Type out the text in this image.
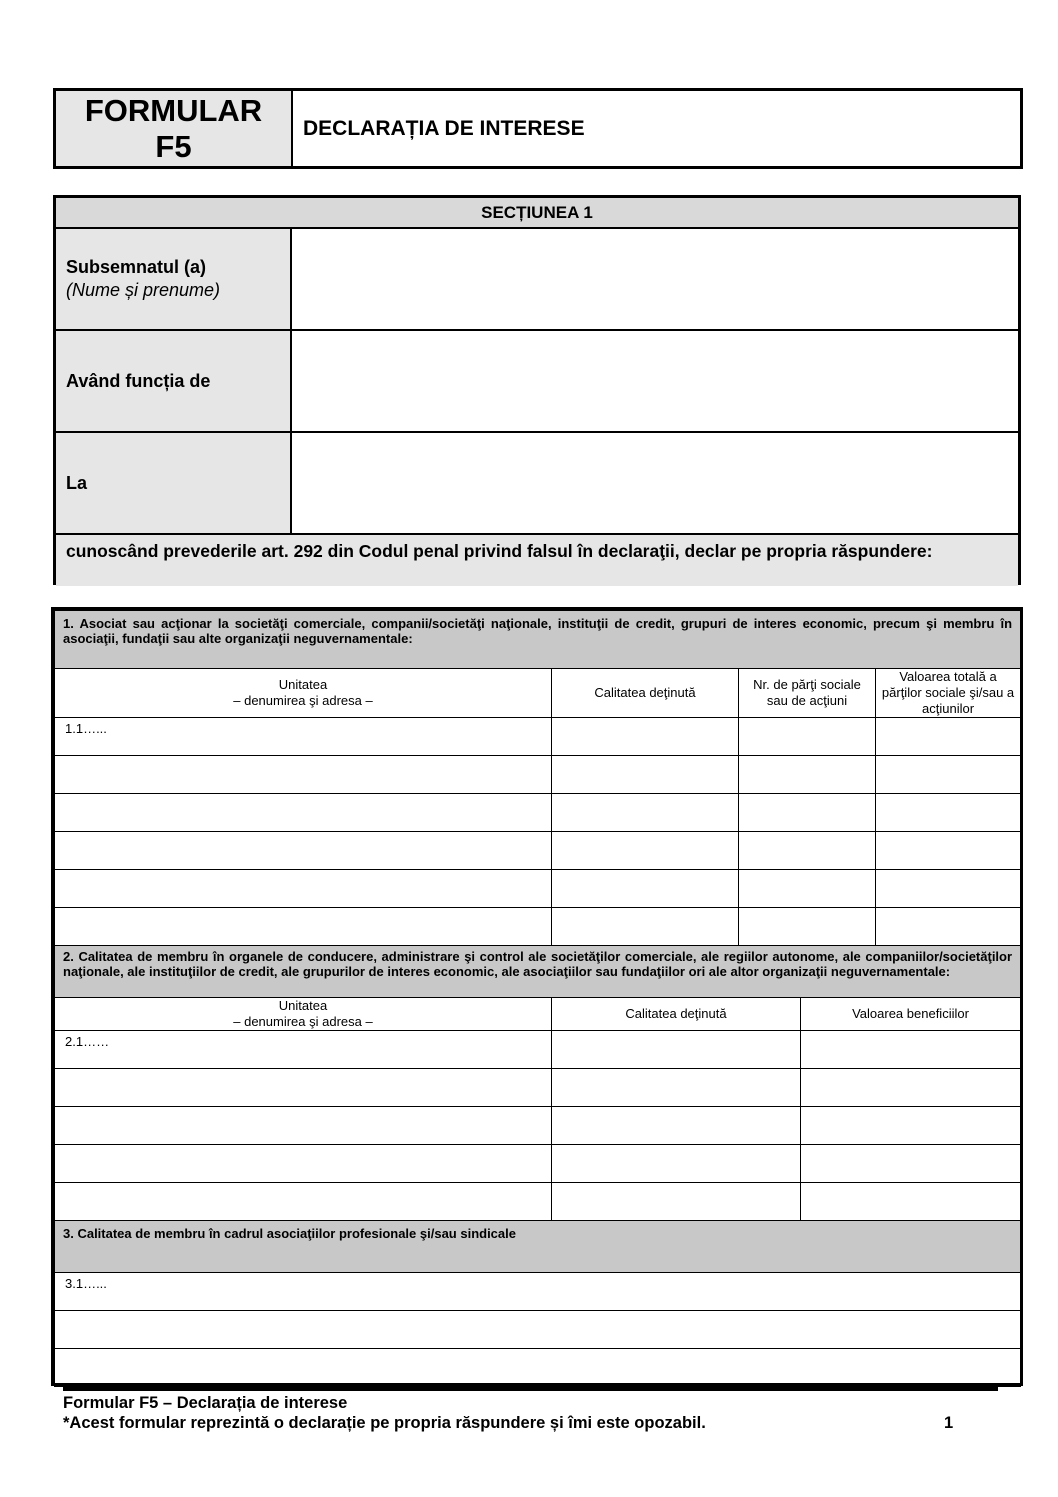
FORMULAR
F5
DECLARAȚIA DE INTERESE
SECȚIUNEA 1
Subsemnatul (a)
(Nume și prenume)
Având funcția de
La
cunoscând prevederile art. 292 din Codul penal privind falsul în declaraţii, declar pe propria răspundere:
1. Asociat sau acţionar la societăţi comerciale, companii/societăţi naţionale, instituţii de credit, grupuri de interes economic, precum şi membru în asociaţii, fundaţii sau alte organizaţii neguvernamentale:				

Unitatea
– denumirea şi adresa –	Calitatea deţinută	Nr. de părţi sociale sau de acţiuni		Valoarea totală a părţilor sociale şi/sau a acţiunilor
1.1…...				

2. Calitatea de membru în organele de conducere, administrare şi control ale societăţilor comerciale, ale regiilor autonome, ale companiilor/societăţilor naţionale, ale instituţiilor de credit, ale grupurilor de interes economic, ale asociaţiilor sau fundaţiilor ori ale altor organizaţii neguvernamentale:				

Unitatea
– denumirea şi adresa –	Calitatea deţinută		Valoarea beneficiilor	
2.1……				

3. Calitatea de membru în cadrul asociaţiilor profesionale şi/sau sindicale				
3.1…...				

Formular F5 – Declarația de interese
*Acest formular reprezintă o declarație pe propria răspundere și îmi este opozabil.	1
